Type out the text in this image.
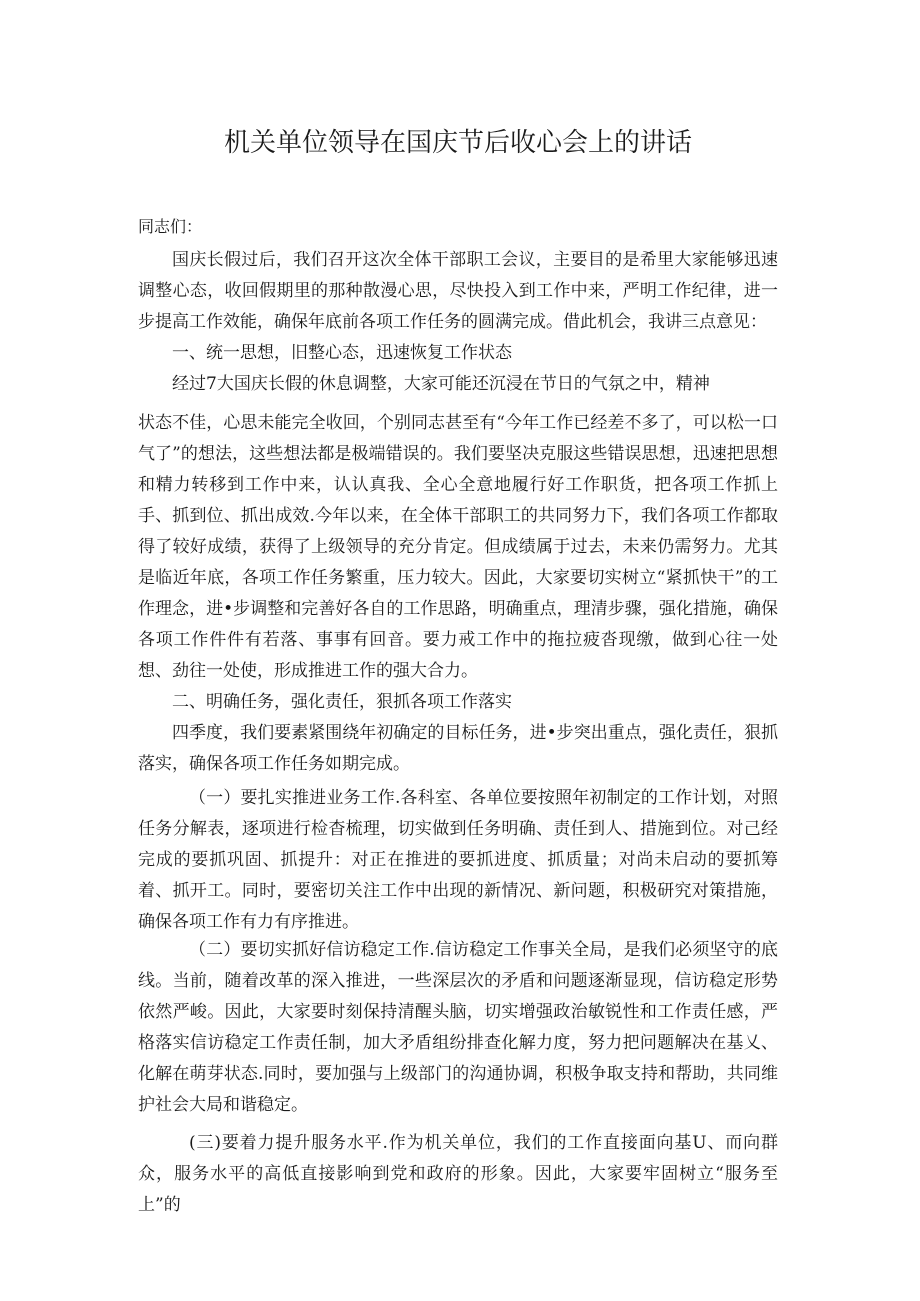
机关单位领导在国庆节后收心会上的讲话

同志们：

国庆长假过后，我们召开这次全体干部职工会议，主要目的是希里大家能够迅速调整心态，收回假期里的那种散漫心思，尽快投入到工作中来，严明工作纪律，进一步提高工作效能，确保年底前各项工作任务的圆满完成。借此机会，我讲三点意见：

一、统一思想，旧整心态，迅速恢复工作状态

经过7大国庆长假的休息调整，大家可能还沉浸在节日的气氛之中，精神

状态不佳，心思未能完全收回，个别同志甚至有“今年工作已经差不多了，可以松一口气了”的想法，这些想法都是极端错误的。我们要坚决克服这些错误思想，迅速把思想和精力转移到工作中来，认认真我、全心全意地履行好工作职货，把各项工作抓上手、抓到位、抓出成效.今年以来，在全体干部职工的共同努力下，我们各项工作都取得了较好成绩，获得了上级领导的充分肯定。但成绩属于过去，未来仍需努力。尤其是临近年底，各项工作任务繁重，压力较大。因此，大家要切实树立“紧抓快干”的工作理念，进•步调整和完善好各自的工作思路，明确重点，理清步骤，强化措施，确保各项工作件件有若落、事事有回音。要力戒工作中的拖拉疲沓现缴，做到心往一处想、劲往一处使，形成推进工作的强大合力。

二、明确任务，强化责任，狠抓各项工作落实

四季度，我们要素紧围绕年初确定的目标任务，进•步突出重点，强化责任，狠抓落实，确保各项工作任务如期完成。

（一）要扎实推进业务工作.各科室、各单位要按照年初制定的工作计划，对照任务分解表，逐项进行检杳梳理，切实做到任务明确、责任到人、措施到位。对己经完成的要抓巩固、抓提升：对正在推进的要抓进度、抓质量；对尚未启动的要抓筹着、抓开工。同时，要密切关注工作中出现的新情况、新问题，积极研究对策措施，确保各项工作有力有序推进。

（二）要切实抓好信访稳定工作.信访稳定工作事关全局，是我们必须坚守的底线。当前，随着改革的深入推进，一些深层次的矛盾和问题逐渐显现，信访稳定形势依然严峻。因此，大家要时刻保持清醒头脑，切实增强政治敏锐性和工作责任感，严格落实信访稳定工作责任制，加大矛盾组纷排查化解力度，努力把问题解决在基乂、化解在萌芽状态.同时，要加强与上级部门的沟通协调，积极争取支持和帮助，共同维护社会大局和谐稳定。

(三)要着力提升服务水平.作为机关单位，我们的工作直接面向基U、而向群众，服务水平的高低直接影响到党和政府的形象。因此，大家要牢固树立“服务至上”的
